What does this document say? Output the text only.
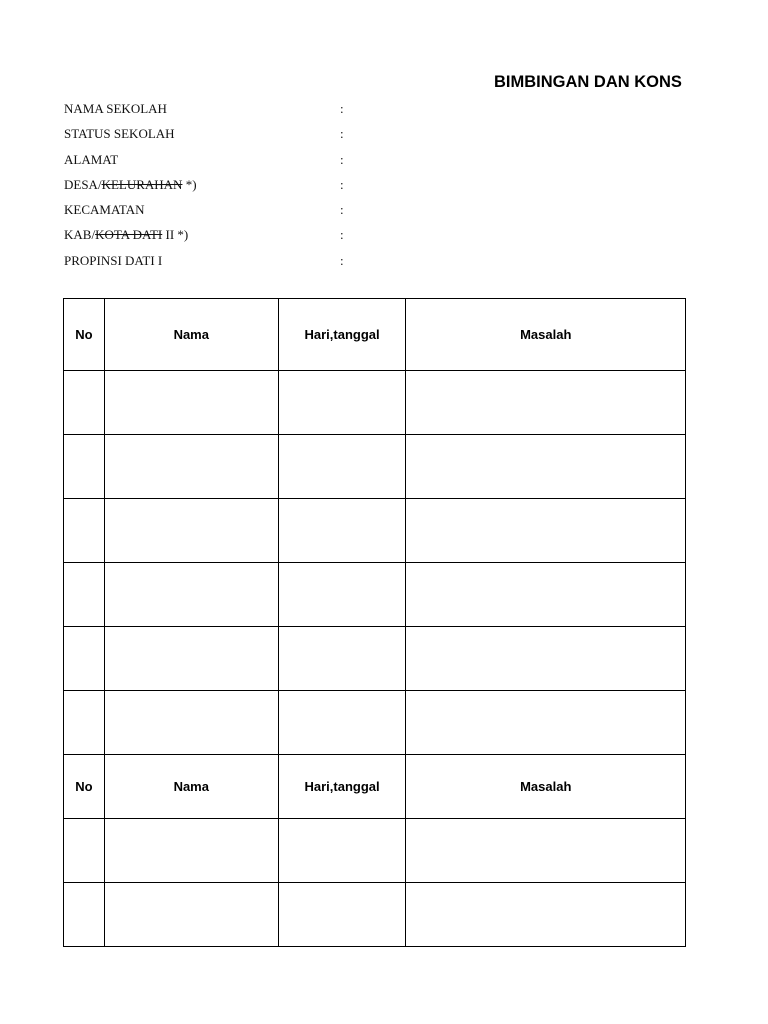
BIMBINGAN DAN KONS
NAMA SEKOLAH	:
STATUS SEKOLAH	:
ALAMAT	:
DESA/KELURAHAN *)	:
KECAMATAN	:
KAB/KOTA DATI II *)	:
PROPINSI DATI I	:
No	Nama	Hari,tanggal	Masalah

No	Nama	Hari,tanggal	Masalah
